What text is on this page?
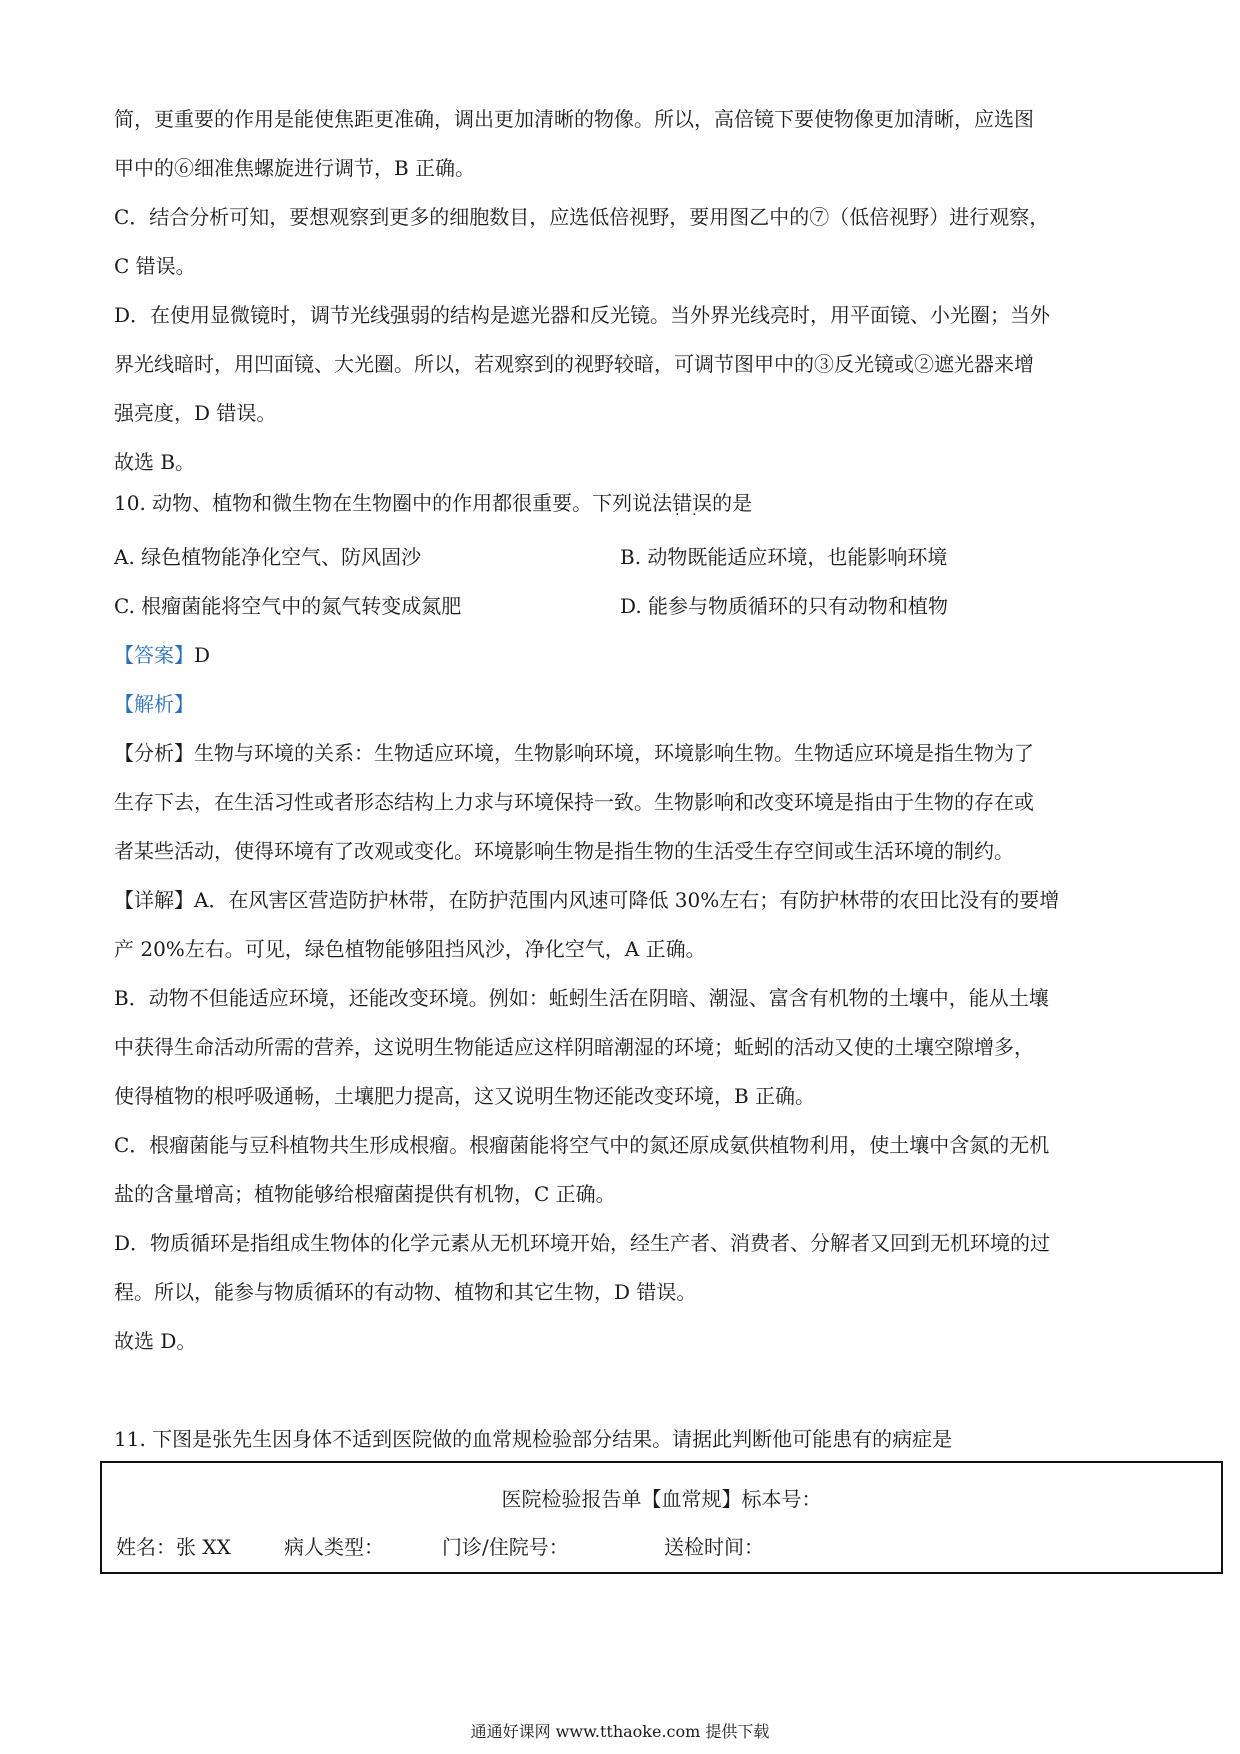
简，更重要的作用是能使焦距更准确，调出更加清晰的物像。所以，高倍镜下要使物像更加清晰，应选图
甲中的⑥细准焦螺旋进行调节，B 正确。
C．结合分析可知，要想观察到更多的细胞数目，应选低倍视野，要用图乙中的⑦（低倍视野）进行观察，
C 错误。
D．在使用显微镜时，调节光线强弱的结构是遮光器和反光镜。当外界光线亮时，用平面镜、小光圈；当外
界光线暗时，用凹面镜、大光圈。所以，若观察到的视野较暗，可调节图甲中的③反光镜或②遮光器来增
强亮度，D 错误。
故选 B。
10. 动物、植物和微生物在生物圈中的作用都很重要。下列说法错误 · ·的是
A. 绿色植物能净化空气、防风固沙	B. 动物既能适应环境，也能影响环境
C. 根瘤菌能将空气中的氮气转变成氮肥	D. 能参与物质循环的只有动物和植物
【答案】D
【解析】
【分析】生物与环境的关系：生物适应环境，生物影响环境，环境影响生物。生物适应环境是指生物为了
生存下去，在生活习性或者形态结构上力求与环境保持一致。生物影响和改变环境是指由于生物的存在或
者某些活动，使得环境有了改观或变化。环境影响生物是指生物的生活受生存空间或生活环境的制约。
【详解】A．在风害区营造防护林带，在防护范围内风速可降低 30%左右；有防护林带的农田比没有的要增
产 20%左右。可见，绿色植物能够阻挡风沙，净化空气，A 正确。
B．动物不但能适应环境，还能改变环境。例如：蚯蚓生活在阴暗、潮湿、富含有机物的土壤中，能从土壤
中获得生命活动所需的营养，这说明生物能适应这样阴暗潮湿的环境；蚯蚓的活动又使的土壤空隙增多，
使得植物的根呼吸通畅，土壤肥力提高，这又说明生物还能改变环境，B 正确。
C．根瘤菌能与豆科植物共生形成根瘤。根瘤菌能将空气中的氮还原成氨供植物利用，使土壤中含氮的无机
盐的含量增高；植物能够给根瘤菌提供有机物，C 正确。
D．物质循环是指组成生物体的化学元素从无机环境开始，经生产者、消费者、分解者又回到无机环境的过
程。所以，能参与物质循环的有动物、植物和其它生物，D 错误。
故选 D。
11. 下图是张先生因身体不适到医院做的血常规检验部分结果。请据此判断他可能患有的病症是
医院检验报告单【血常规】标本号：
姓名：张 XX	病人类型：	门诊/住院号：	送检时间：
通通好课网 www.tthaoke.com 提供下载
